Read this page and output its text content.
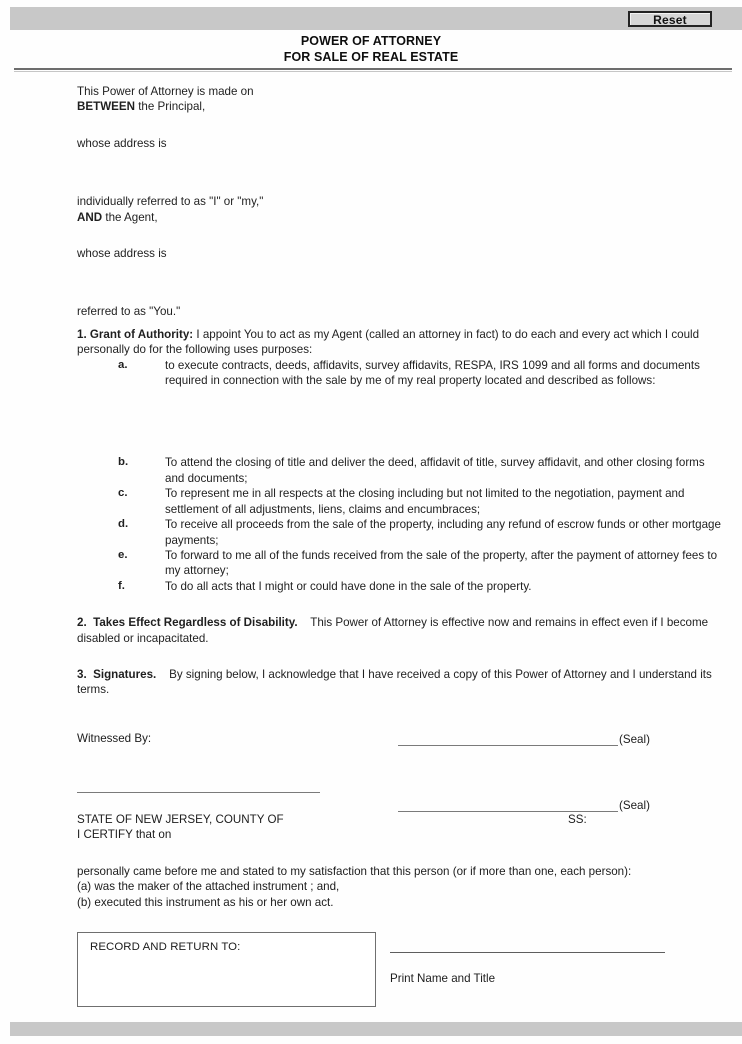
Reset
POWER OF ATTORNEY
FOR SALE OF REAL ESTATE
This Power of Attorney is made on
BETWEEN the Principal,
whose address is
individually referred to as "I" or "my,"
AND the Agent,
whose address is
referred to as "You."
1. Grant of Authority: I appoint You to act as my Agent (called an attorney in fact) to do each and every act which I could personally do for the following uses purposes:
a.	to execute contracts, deeds, affidavits, survey affidavits, RESPA, IRS 1099 and all forms and documents required in connection with the sale by me of my real property located and described as follows:
b.	To attend the closing of title and deliver the deed, affidavit of title, survey affidavit, and other closing forms and documents;
c.	To represent me in all respects at the closing including but not limited to the negotiation, payment and settlement of all adjustments, liens, claims and encumbraces;
d.	To receive all proceeds from the sale of the property, including any refund of escrow funds or other mortgage payments;
e.	To forward to me all of the funds received from the sale of the property, after the payment of attorney fees to my attorney;
f.	To do all acts that I might or could have done in the sale of the property.
2.  Takes Effect Regardless of Disability.    This Power of Attorney is effective now and remains in effect even if I become disabled or incapacitated.
3.  Signatures.    By signing below, I acknowledge that I have received a copy of this Power of Attorney and I understand its terms.
Witnessed By:	(Seal)
(Seal)
STATE OF NEW JERSEY, COUNTY OF	SS:
I CERTIFY that on
personally came before me and stated to my satisfaction that this person (or if more than one, each person):
(a) was the maker of the attached instrument ; and,
(b) executed this instrument as his or her own act.
RECORD AND RETURN TO:
Print Name and Title
